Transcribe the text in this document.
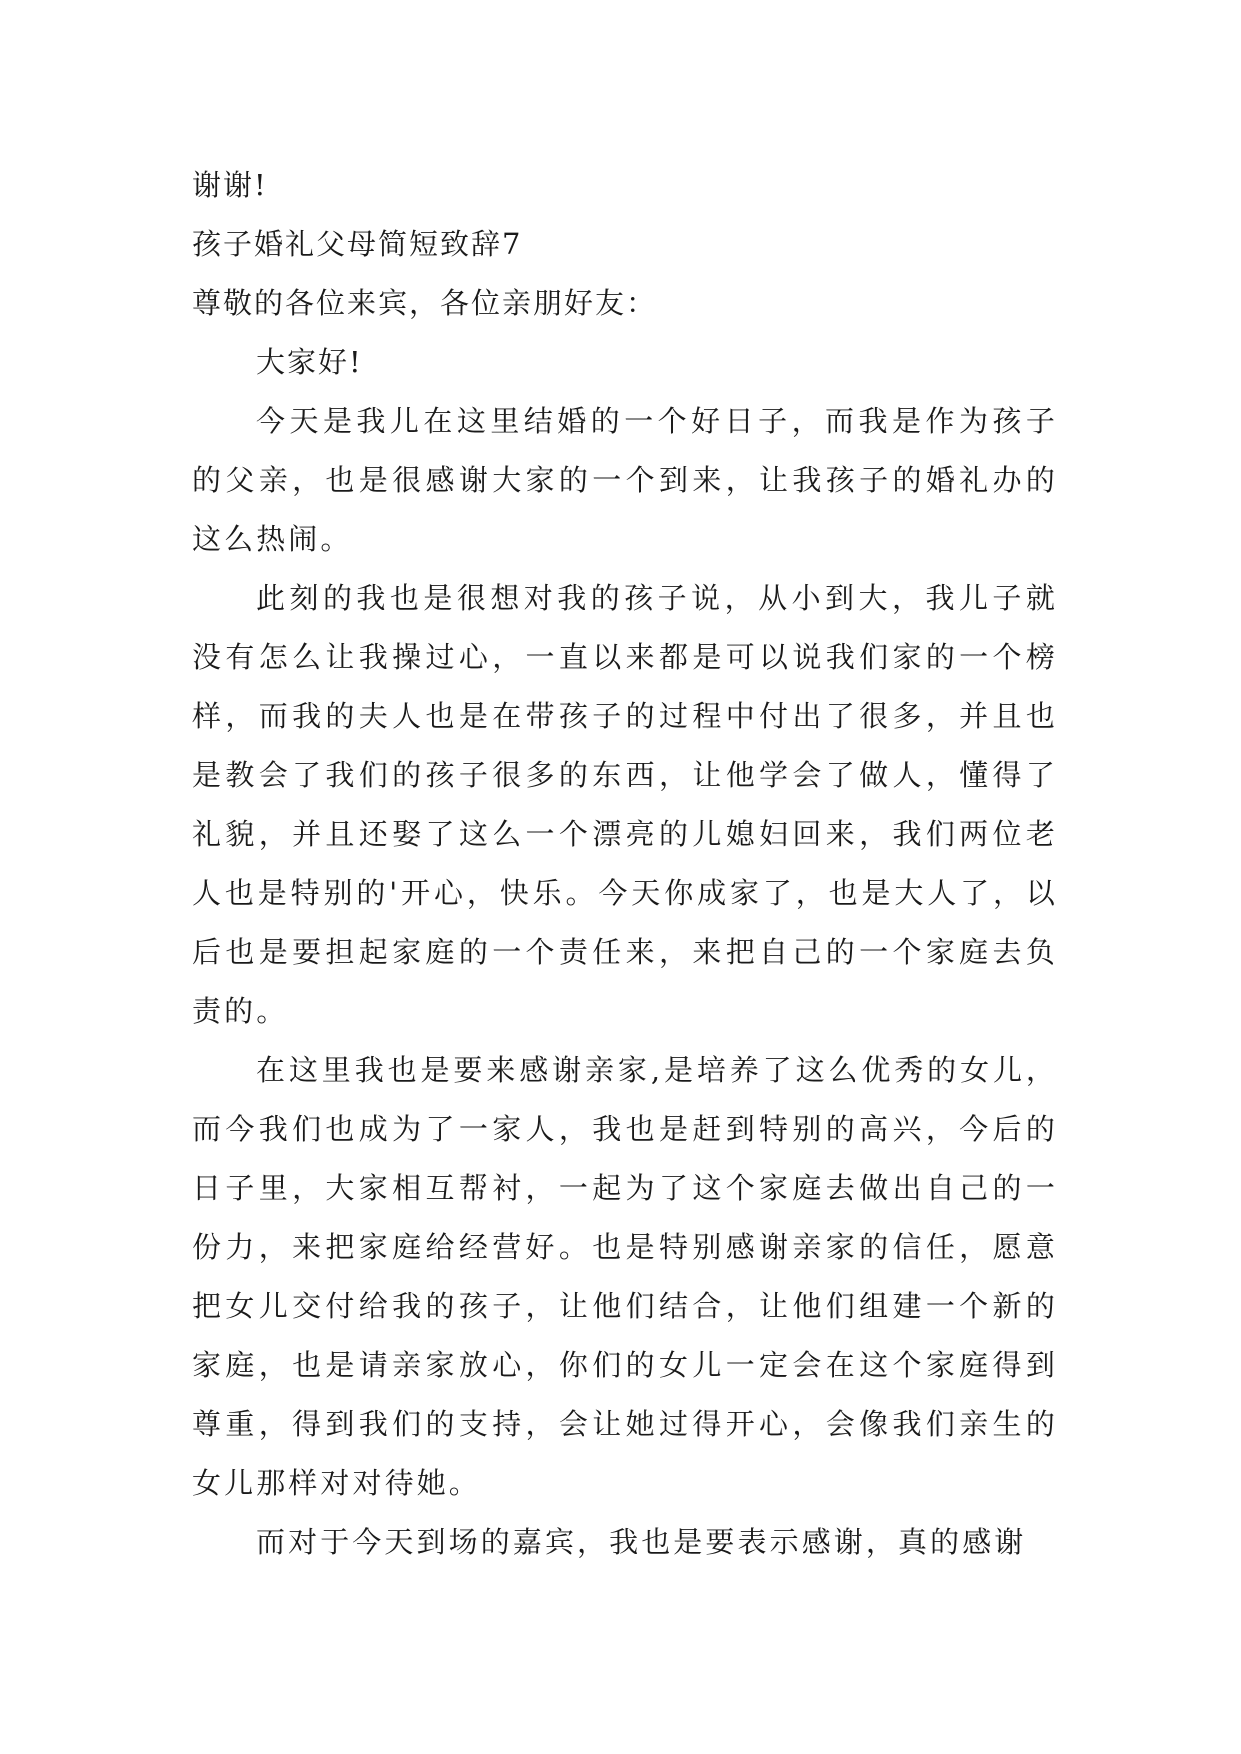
谢谢!

孩子婚礼父母简短致辞7

尊敬的各位来宾，各位亲朋好友：

大家好!

今天是我儿在这里结婚的一个好日子，而我是作为孩子的父亲，也是很感谢大家的一个到来，让我孩子的婚礼办的这么热闹。

此刻的我也是很想对我的孩子说，从小到大，我儿子就没有怎么让我操过心，一直以来都是可以说我们家的一个榜样，而我的夫人也是在带孩子的过程中付出了很多，并且也是教会了我们的孩子很多的东西，让他学会了做人，懂得了礼貌，并且还娶了这么一个漂亮的儿媳妇回来，我们两位老人也是特别的'开心，快乐。今天你成家了，也是大人了，以后也是要担起家庭的一个责任来，来把自己的一个家庭去负责的。

在这里我也是要来感谢亲家,是培养了这么优秀的女儿，而今我们也成为了一家人，我也是赶到特别的高兴，今后的日子里，大家相互帮衬，一起为了这个家庭去做出自己的一份力，来把家庭给经营好。也是特别感谢亲家的信任，愿意把女儿交付给我的孩子，让他们结合，让他们组建一个新的家庭，也是请亲家放心，你们的女儿一定会在这个家庭得到尊重，得到我们的支持，会让她过得开心，会像我们亲生的女儿那样对对待她。

而对于今天到场的嘉宾，我也是要表示感谢，真的感谢
